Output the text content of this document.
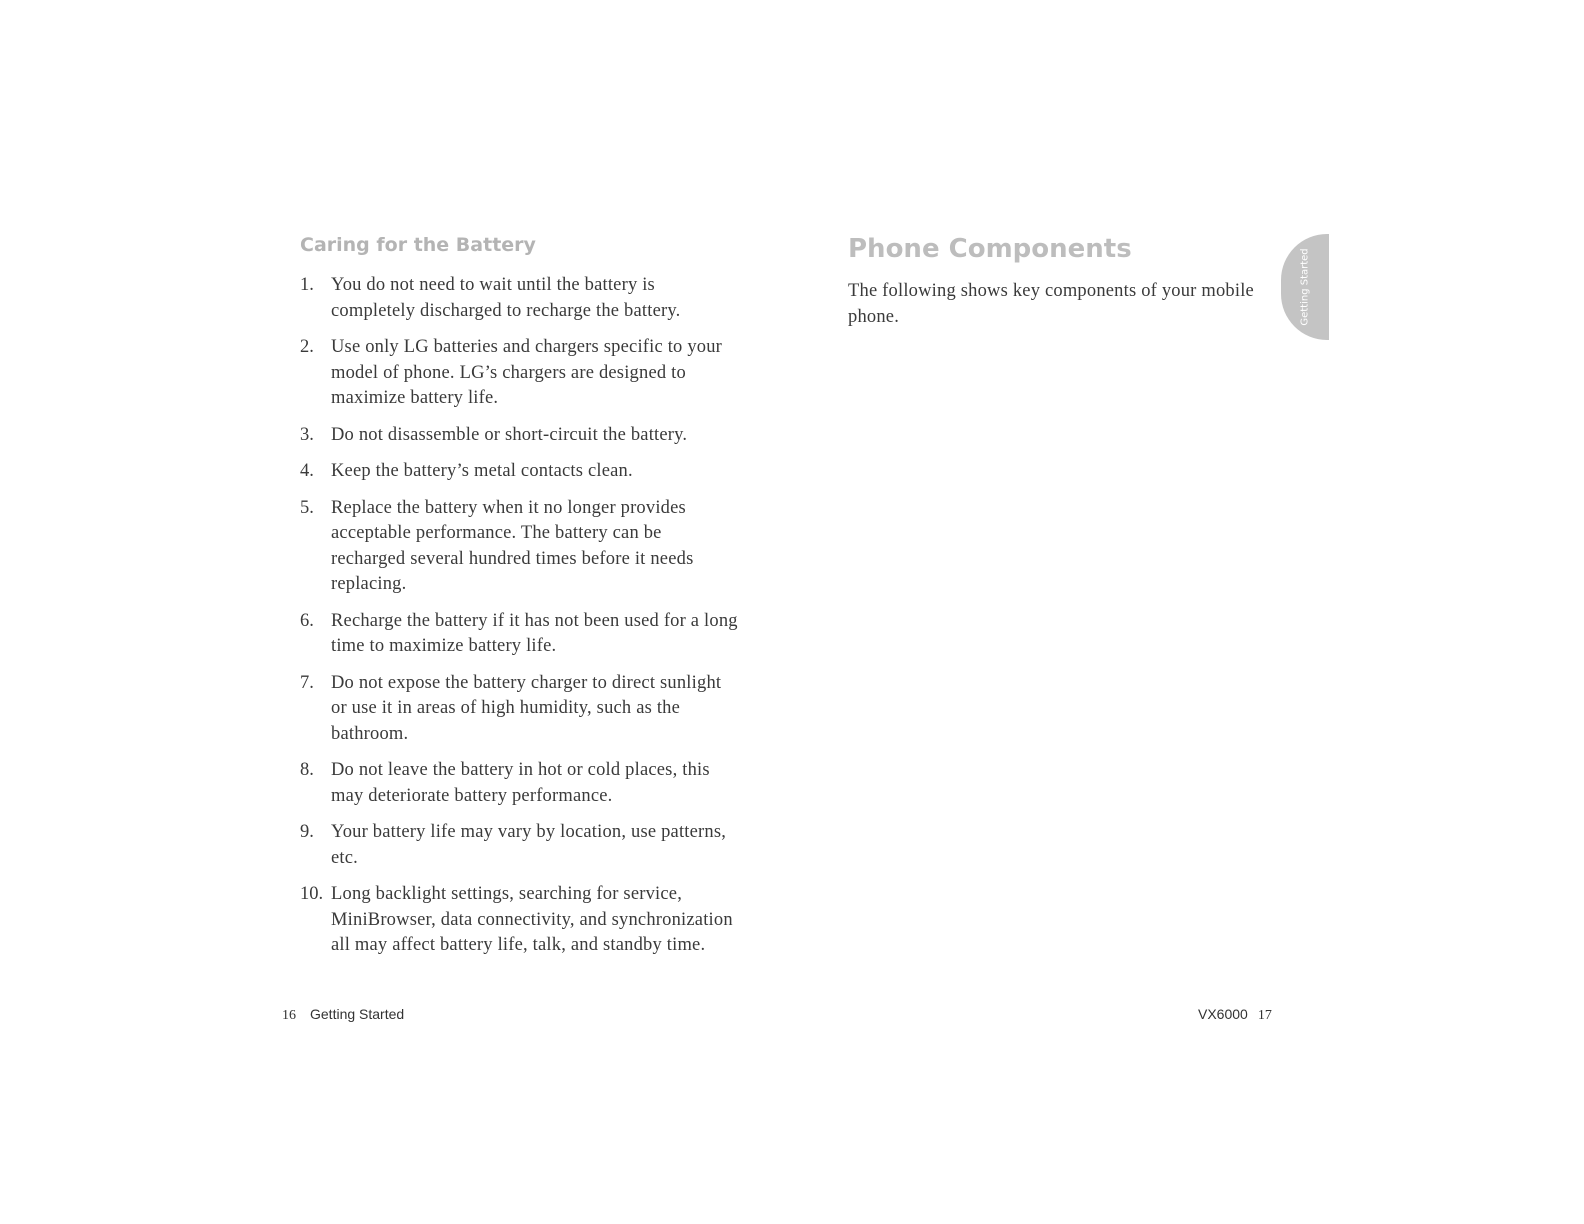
Caring for the Battery
1. You do not need to wait until the battery is completely discharged to recharge the battery.
2. Use only LG batteries and chargers specific to your model of phone. LG’s chargers are designed to maximize battery life.
3. Do not disassemble or short-circuit the battery.
4. Keep the battery’s metal contacts clean.
5. Replace the battery when it no longer provides acceptable performance. The battery can be recharged several hundred times before it needs replacing.
6. Recharge the battery if it has not been used for a long time to maximize battery life.
7. Do not expose the battery charger to direct sunlight or use it in areas of high humidity, such as the bathroom.
8. Do not leave the battery in hot or cold places, this may deteriorate battery performance.
9. Your battery life may vary by location, use patterns, etc.
10. Long backlight settings, searching for service, MiniBrowser, data connectivity, and synchronization all may affect battery life, talk, and standby time.
16 Getting Started
Phone Components

The following shows key components of your mobile phone.	Getting Started
VX6000 17
